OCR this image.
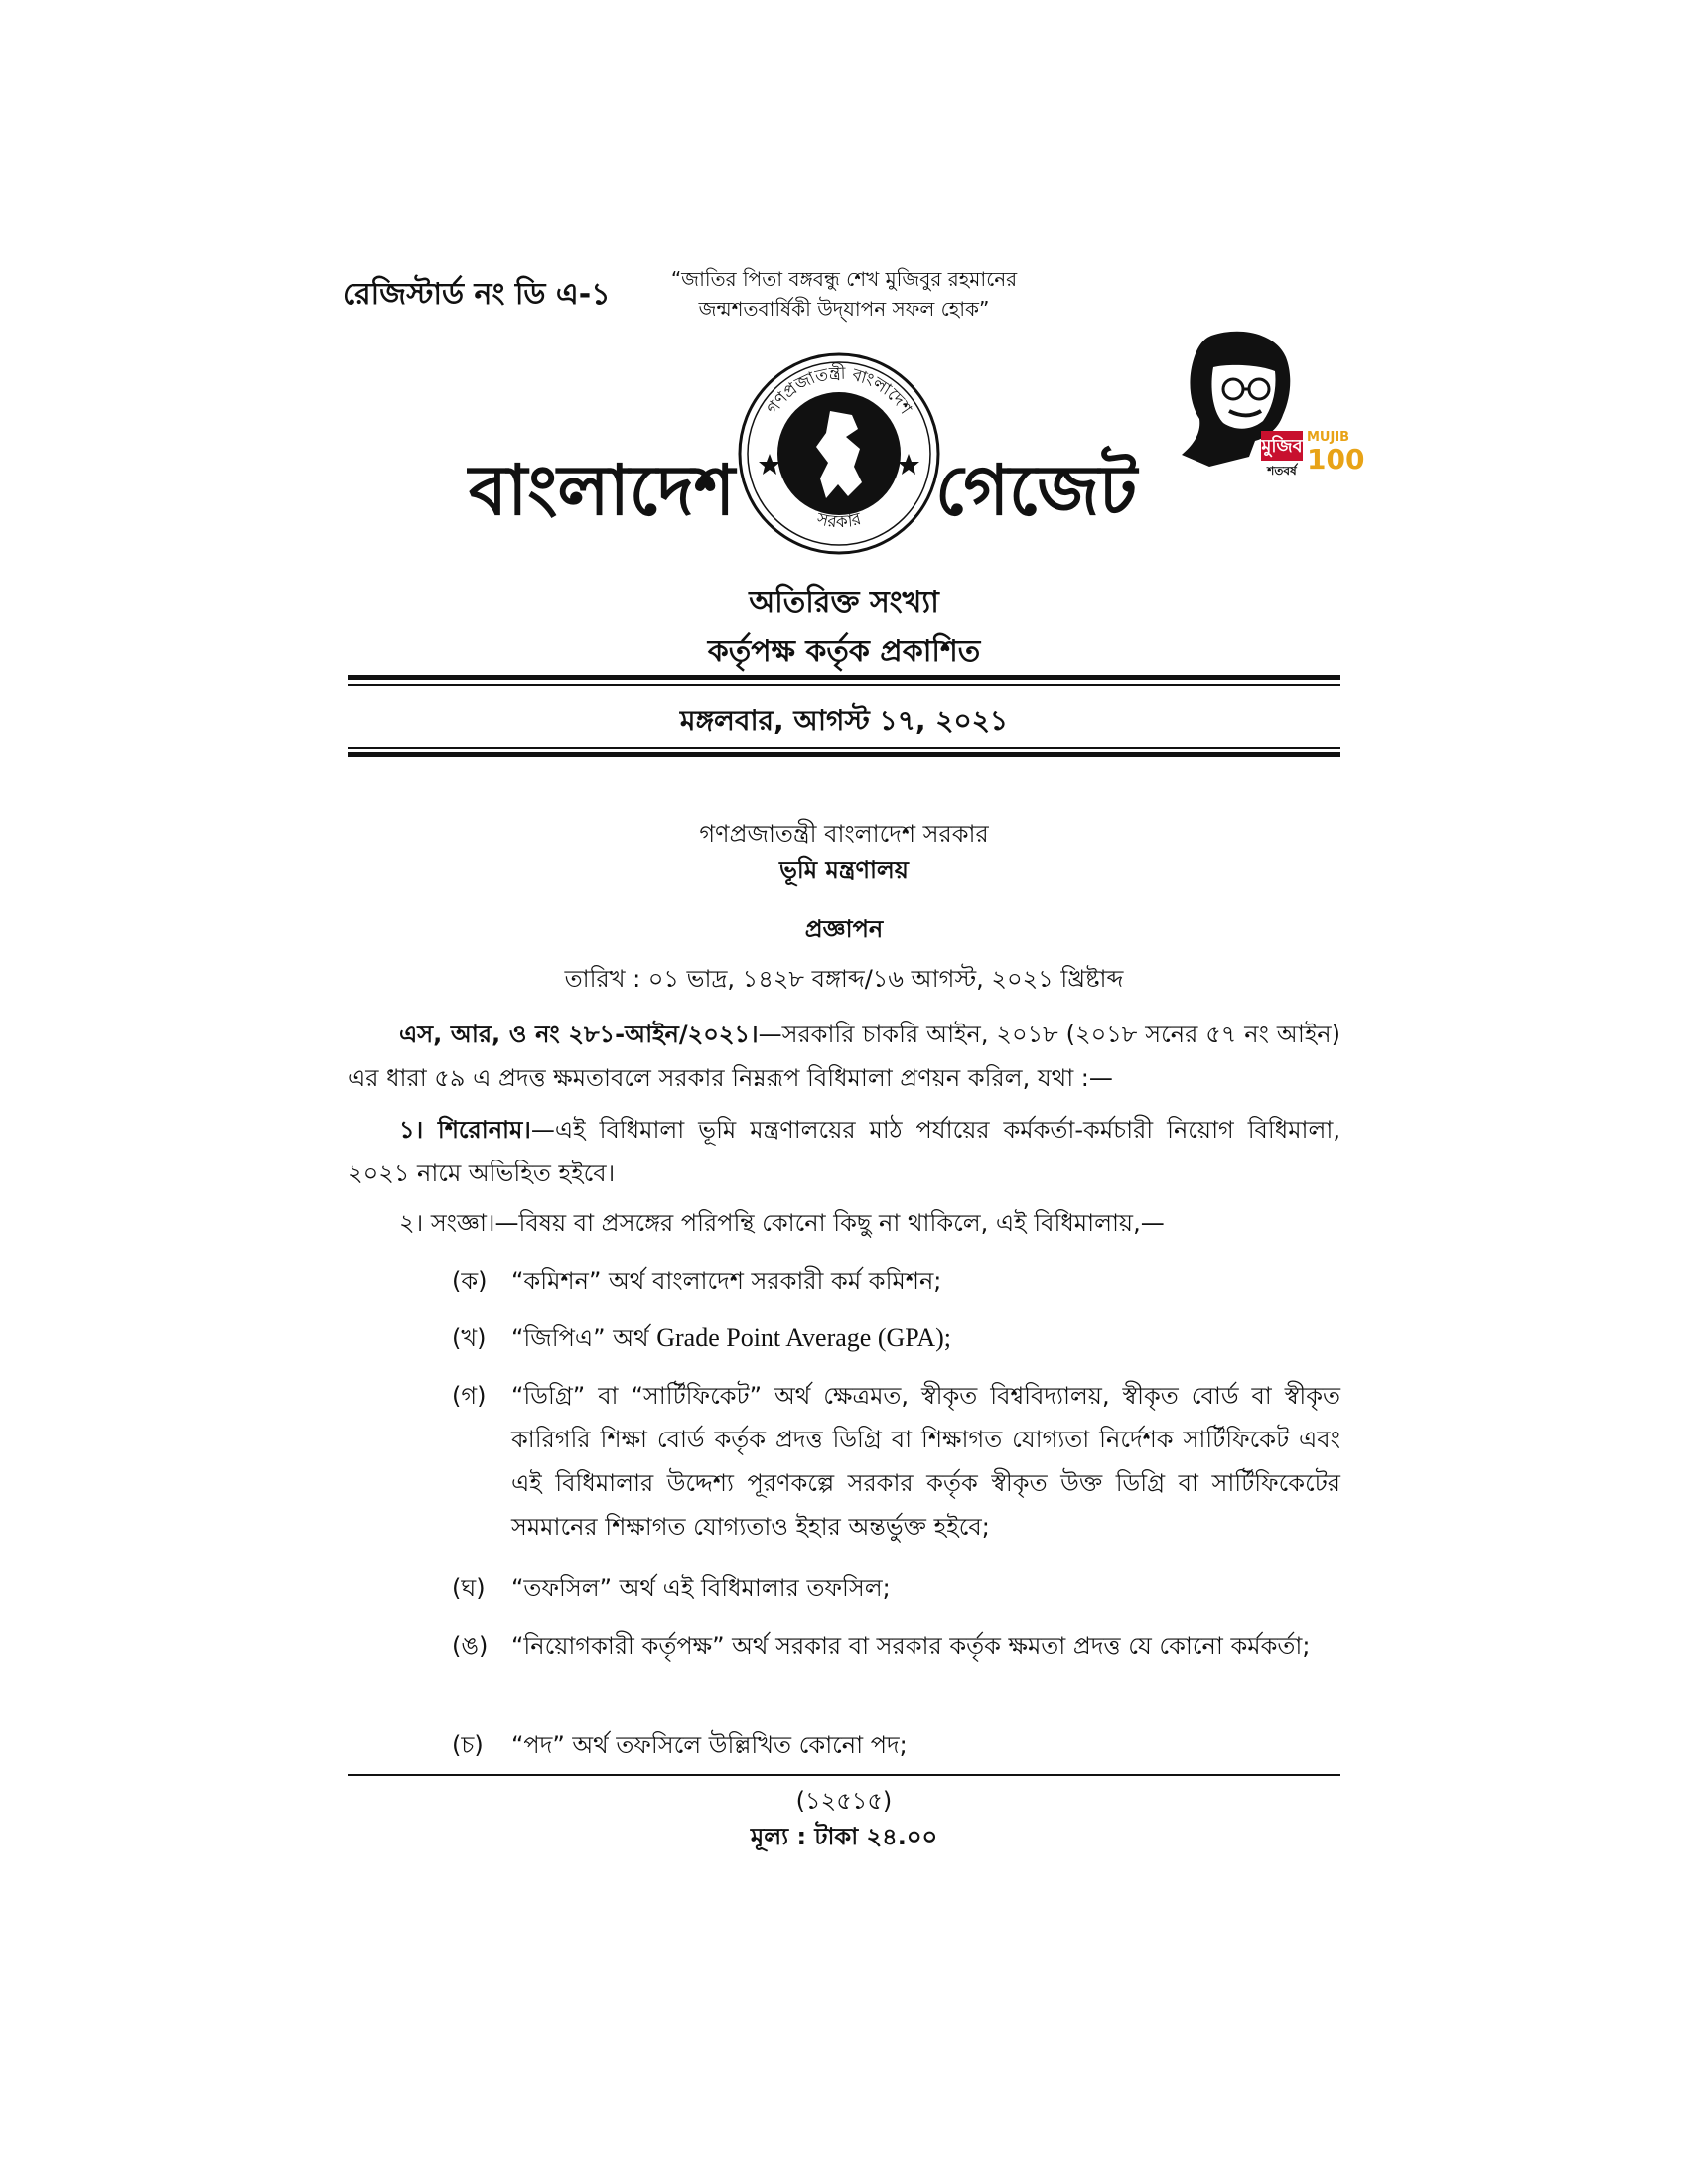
রেজিস্টার্ড নং ডি এ-১	“জাতির পিতা বঙ্গবন্ধু শেখ মুজিবুর রহমানের
জন্মশতবার্ষিকী উদ্‌যাপন সফল হোক”
বাংলাদেশ
গণপ্রজাতন্ত্রী বাংলাদেশ
সরকার গেজেট
মুজিব
শতবর্ষ
MUJIB
100
অতিরিক্ত সংখ্যা
কর্তৃপক্ষ কর্তৃক প্রকাশিত
মঙ্গলবার, আগস্ট ১৭, ২০২১
গণপ্রজাতন্ত্রী বাংলাদেশ সরকার
ভূমি মন্ত্রণালয়
প্রজ্ঞাপন
তারিখ : ০১ ভাদ্র, ১৪২৮ বঙ্গাব্দ/১৬ আগস্ট, ২০২১ খ্রিষ্টাব্দ
এস, আর, ও নং ২৮১-আইন/২০২১।—সরকারি চাকরি আইন, ২০১৮ (২০১৮ সনের ৫৭ নং আইন) এর ধারা ৫৯ এ প্রদত্ত ক্ষমতাবলে সরকার নিম্নরূপ বিধিমালা প্রণয়ন করিল, যথা :—
১। শিরোনাম।—এই বিধিমালা ভূমি মন্ত্রণালয়ের মাঠ পর্যায়ের কর্মকর্তা-কর্মচারী নিয়োগ বিধিমালা, ২০২১ নামে অভিহিত হইবে।
২। সংজ্ঞা।—বিষয় বা প্রসঙ্গের পরিপন্থি কোনো কিছু না থাকিলে, এই বিধিমালায়,—
(ক)	“কমিশন” অর্থ বাংলাদেশ সরকারী কর্ম কমিশন;
(খ)	“জিপিএ” অর্থ Grade Point Average (GPA);
(গ)	“ডিগ্রি” বা “সার্টিফিকেট” অর্থ ক্ষেত্রমত, স্বীকৃত বিশ্ববিদ্যালয়, স্বীকৃত বোর্ড বা স্বীকৃত কারিগরি শিক্ষা বোর্ড কর্তৃক প্রদত্ত ডিগ্রি বা শিক্ষাগত যোগ্যতা নির্দেশক সার্টিফিকেট এবং এই বিধিমালার উদ্দেশ্য পূরণকল্পে সরকার কর্তৃক স্বীকৃত উক্ত ডিগ্রি বা সার্টিফিকেটের সমমানের শিক্ষাগত যোগ্যতাও ইহার অন্তর্ভুক্ত হইবে;
(ঘ)	“তফসিল” অর্থ এই বিধিমালার তফসিল;
(ঙ) “নিয়োগকারী কর্তৃপক্ষ” অর্থ সরকার বা সরকার কর্তৃক ক্ষমতা প্রদত্ত যে কোনো কর্মকর্তা;
(চ)	“পদ” অর্থ তফসিলে উল্লিখিত কোনো পদ;
(১২৫১৫)
মূল্য : টাকা ২৪.০০
